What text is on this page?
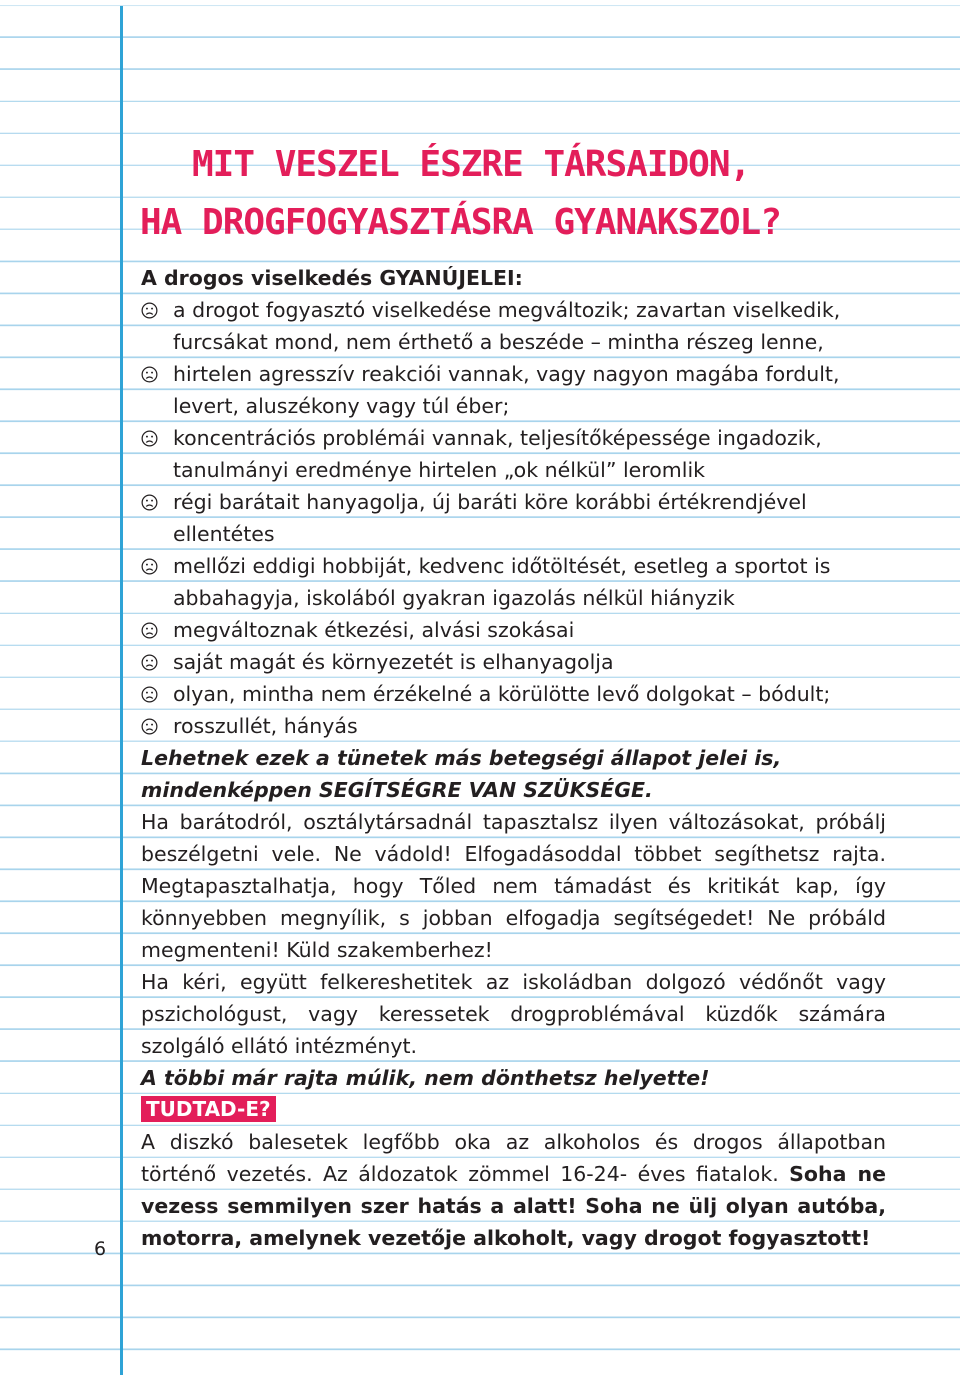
MIT VESZEL ÉSZRE TÁRSAIDON,
HA DROGFOGYASZTÁSRA GYANAKSZOL?

A drogos viselkedés GYANÚJELEI:

a drogot fogyasztó viselkedése megváltozik; zavartan viselkedik, furcsákat mond, nem érthető a beszéde – mintha részeg lenne,
hirtelen agresszív reakciói vannak, vagy nagyon magába fordult, levert, aluszékony vagy túl éber;
koncentrációs problémái vannak, teljesítőképessége ingadozik, tanulmányi eredménye hirtelen „ok nélkül” leromlik
régi barátait hanyagolja, új baráti köre korábbi értékrendjével ellentétes
mellőzi eddigi hobbiját, kedvenc időtöltését, esetleg a sportot is abbahagyja, iskolából gyakran igazolás nélkül hiányzik
megváltoznak étkezési, alvási szokásai
saját magát és környezetét is elhanyagolja
olyan, mintha nem érzékelné a körülötte levő dolgokat – bódult;
rosszullét, hányás

Lehetnek ezek a tünetek más betegségi állapot jelei is, mindenképpen SEGÍTSÉGRE VAN SZÜKSÉGE.

Ha barátodról, osztálytársadnál tapasztalsz ilyen változásokat, próbálj beszélgetni vele. Ne vádold! Elfogadásoddal többet segíthetsz rajta. Megtapasztalhatja, hogy Tőled nem támadást és kritikát kap, így könnyebben megnyílik, s jobban elfogadja segítségedet! Ne próbáld megmenteni! Küld szakemberhez!

Ha kéri, együtt felkereshetitek az iskoládban dolgozó védőnőt vagy pszichológust, vagy keressetek drogproblémával küzdők számára szolgáló ellátó intézményt.

A többi már rajta múlik, nem dönthetsz helyette!

TUDTAD-E?

A diszkó balesetek legfőbb oka az alkoholos és drogos állapotban történő vezetés. Az áldozatok zömmel 16-24- éves fiatalok. Soha ne vezess semmilyen szer hatás a alatt! Soha ne ülj olyan autóba, motorra, amelynek vezetője alkoholt, vagy drogot fogyasztott!

6
